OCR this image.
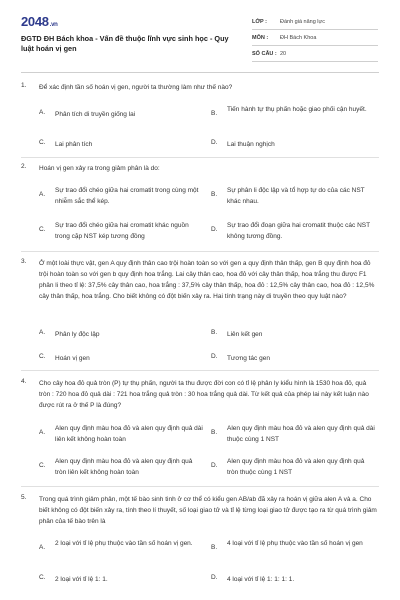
2048.vn
ĐGTD ĐH Bách khoa - Vấn đề thuộc lĩnh vực sinh học - Quy luật hoán vị gen
LỚP :	Đánh giá năng lực
MÔN :	ĐH Bách Khoa
SỐ CÂU : 20
1. Để xác định tần số hoán vị gen, người ta thường làm như thế nào?
A. Phân tích di truyền giống lai	B.
Tiến hành tự thụ phấn hoặc giao phối cận huyết.
C. Lai phân tích	D. Lai thuận nghịch
2. Hoán vị gen xảy ra trong giảm phân là do:
A.
Sự trao đổi chéo giữa hai cromatit trong cùng một nhiễm sắc thể kép.
B.
Sự phân li độc lập và tổ hợp tự do của các NST khác nhau.
C.
Sự trao đổi chéo giữa hai cromatit khác nguồn trong cặp NST kép tương đồng
D.
Sự trao đổi đoạn giữa hai cromatit thuộc các NST không tương đồng.
3. Ở một loài thực vật, gen A quy định thân cao trội hoàn toàn so với gen a quy định thân thấp, gen B quy định hoa đỏ trội hoàn toàn so với gen b quy định hoa trắng. Lai cây thân cao, hoa đỏ với cây thân thấp, hoa trắng thu được F1 phân li theo tỉ lệ: 37,5% cây thân cao, hoa trắng : 37,5% cây thân thấp, hoa đỏ : 12,5% cây thân cao, hoa đỏ : 12,5% cây thân thấp, hoa trắng. Cho biết không có đột biến xảy ra. Hai tính trạng này di truyền theo quy luật nào?
A. Phân ly độc lập	B. Liên kết gen
C. Hoán vị gen	D. Tương tác gen
4. Cho cây hoa đỏ quả tròn (P) tự thụ phấn, người ta thu được đời con có tỉ lệ phân ly kiểu hình là 1530 hoa đỏ, quả tròn : 720 hoa đỏ quả dài : 721 hoa trắng quả tròn : 30 hoa trắng quả dài. Từ kết quả của phép lai này kết luận nào được rút ra ở thế P là đúng?
A.
Alen quy định màu hoa đỏ và alen quy định quả dài liên kết không hoàn toàn
B.
Alen quy định màu hoa đỏ và alen quy định quả dài thuộc cùng 1 NST
C.
Alen quy định màu hoa đỏ và alen quy định quả tròn liên kết không hoàn toàn
D.
Alen quy định màu hoa đỏ và alen quy định quả tròn thuộc cùng 1 NST
5. Trong quá trình giảm phân, một tế bào sinh tinh ở cơ thể có kiểu gen AB/ab đã xảy ra hoán vị giữa alen A và a. Cho biết không có đột biến xảy ra, tính theo lí thuyết, số loại giao tử và tỉ lệ từng loại giao tử được tạo ra từ quá trình giảm phân của tế bào trên là
A.
2 loại với tỉ lệ phụ thuộc vào tần số hoán vị gen.
B.
4 loại với tỉ lệ phụ thuộc vào tần số hoán vị gen
C. 2 loại với tỉ lệ 1: 1.	D. 4 loại với tỉ lệ 1: 1: 1: 1.
